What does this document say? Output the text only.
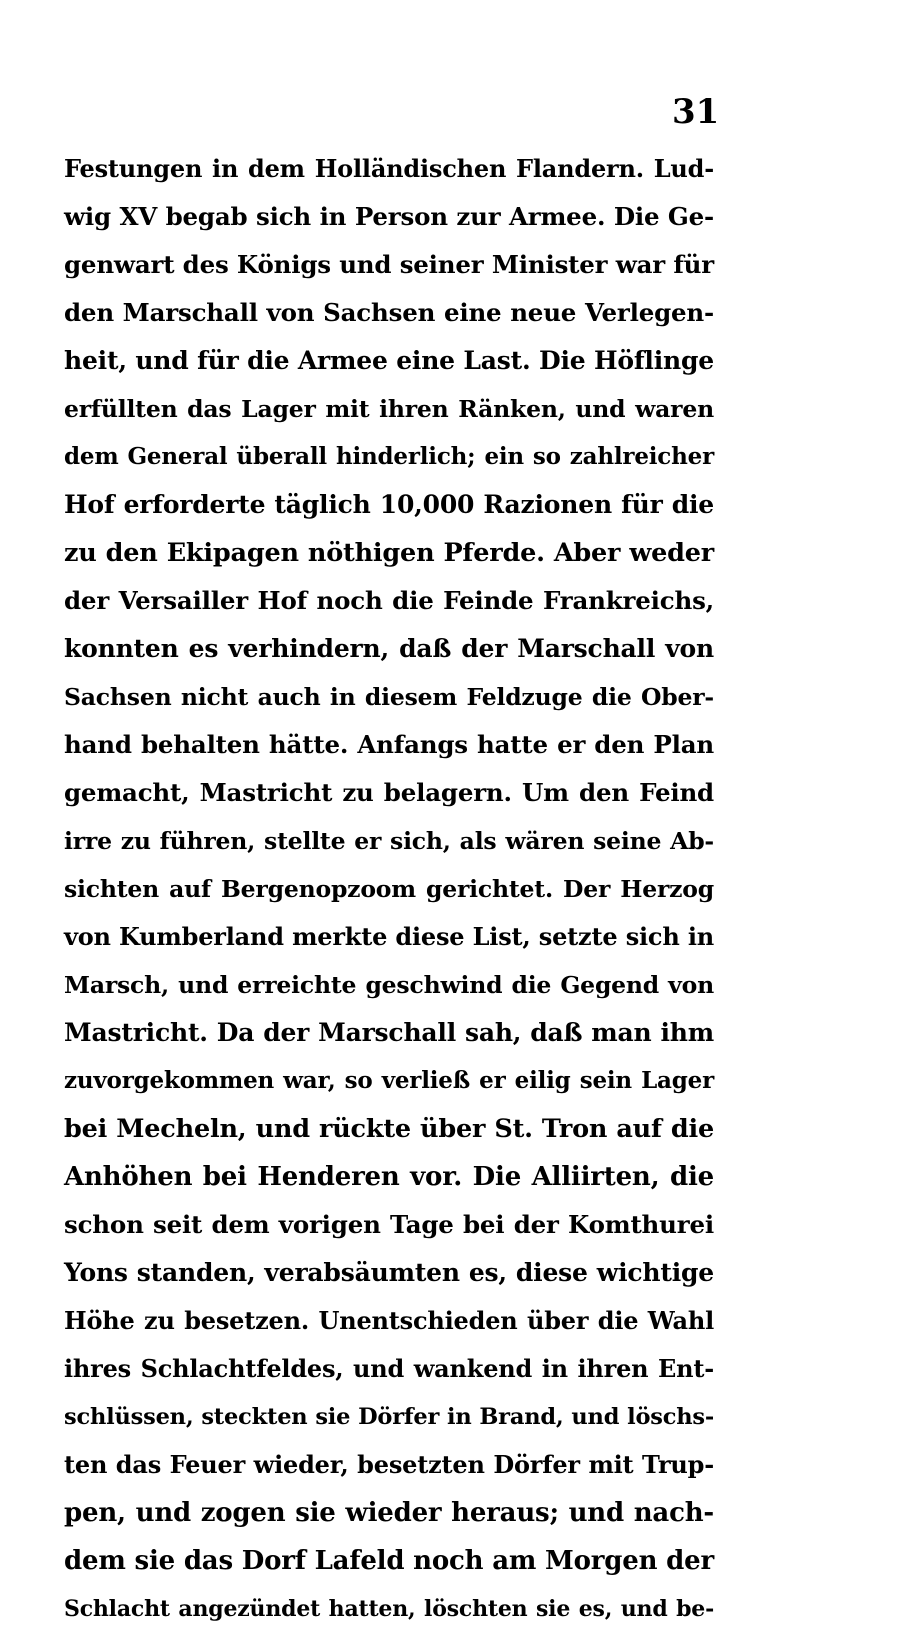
31
Festungen in dem Holländischen Flandern. Lud-
wig XV begab sich in Person zur Armee. Die Ge-
genwart des Königs und seiner Minister war für
den Marschall von Sachsen eine neue Verlegen-
heit, und für die Armee eine Last. Die Höflinge
erfüllten das Lager mit ihren Ränken, und waren
dem General überall hinderlich; ein so zahlreicher
Hof erforderte täglich 10,000 Razionen für die
zu den Ekipagen nöthigen Pferde. Aber weder
der Versailler Hof noch die Feinde Frankreichs,
konnten es verhindern, daß der Marschall von
Sachsen nicht auch in diesem Feldzuge die Ober-
hand behalten hätte. Anfangs hatte er den Plan
gemacht, Mastricht zu belagern. Um den Feind
irre zu führen, stellte er sich, als wären seine Ab-
sichten auf Bergenopzoom gerichtet. Der Herzog
von Kumberland merkte diese List, setzte sich in
Marsch, und erreichte geschwind die Gegend von
Mastricht. Da der Marschall sah, daß man ihm
zuvorgekommen war, so verließ er eilig sein Lager
bei Mecheln, und rückte über St. Tron auf die
Anhöhen bei Henderen vor. Die Alliirten, die
schon seit dem vorigen Tage bei der Komthurei
Yons standen, verabsäumten es, diese wichtige
Höhe zu besetzen. Unentschieden über die Wahl
ihres Schlachtfeldes, und wankend in ihren Ent-
schlüssen, steckten sie Dörfer in Brand, und löschs-
ten das Feuer wieder, besetzten Dörfer mit Trup-
pen, und zogen sie wieder heraus; und nach-
dem sie das Dorf Lafeld noch am Morgen der
Schlacht angezündet hatten, löschten sie es, und be-
